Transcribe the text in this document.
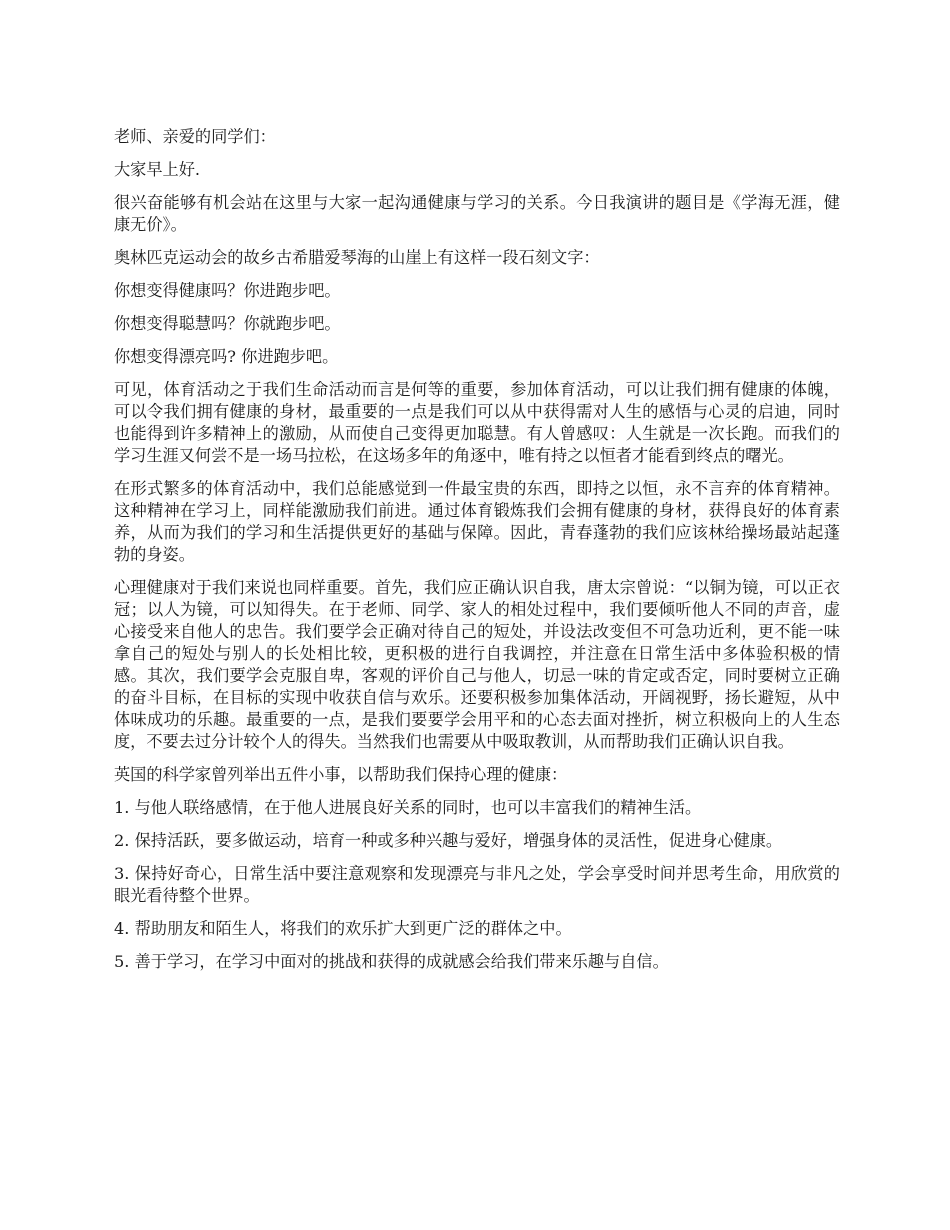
老师、亲爱的同学们：

大家早上好.

很兴奋能够有机会站在这里与大家一起沟通健康与学习的关系。今日我演讲的题目是《学海无涯，健康无价》。

奥林匹克运动会的故乡古希腊爱琴海的山崖上有这样一段石刻文字：

你想变得健康吗？你进跑步吧。

你想变得聪慧吗？你就跑步吧。

你想变得漂亮吗? 你进跑步吧。

可见，体育活动之于我们生命活动而言是何等的重要，参加体育活动，可以让我们拥有健康的体魄，可以令我们拥有健康的身材，最重要的一点是我们可以从中获得需对人生的感悟与心灵的启迪，同时也能得到许多精神上的激励，从而使自己变得更加聪慧。有人曾感叹：人生就是一次长跑。而我们的学习生涯又何尝不是一场马拉松，在这场多年的角逐中，唯有持之以恒者才能看到终点的曙光。

在形式繁多的体育活动中，我们总能感觉到一件最宝贵的东西，即持之以恒，永不言弃的体育精神。这种精神在学习上，同样能激励我们前进。通过体育锻炼我们会拥有健康的身材，获得良好的体育素养，从而为我们的学习和生活提供更好的基础与保障。因此，青春蓬勃的我们应该林给操场最站起蓬勃的身姿。

心理健康对于我们来说也同样重要。首先，我们应正确认识自我，唐太宗曾说：“以铜为镜，可以正衣冠；以人为镜，可以知得失。在于老师、同学、家人的相处过程中，我们要倾听他人不同的声音，虚心接受来自他人的忠告。我们要学会正确对待自己的短处，并设法改变但不可急功近利，更不能一味拿自己的短处与别人的长处相比较，更积极的进行自我调控，并注意在日常生活中多体验积极的情感。其次，我们要学会克服自卑，客观的评价自己与他人，切忌一味的肯定或否定，同时要树立正确的奋斗目标，在目标的实现中收获自信与欢乐。还要积极参加集体活动，开阔视野，扬长避短，从中体味成功的乐趣。最重要的一点，是我们要要学会用平和的心态去面对挫折，树立积极向上的人生态度，不要去过分计较个人的得失。当然我们也需要从中吸取教训，从而帮助我们正确认识自我。

英国的科学家曾列举出五件小事，以帮助我们保持心理的健康：

1. 与他人联络感情，在于他人进展良好关系的同时，也可以丰富我们的精神生活。

2. 保持活跃，要多做运动，培育一种或多种兴趣与爱好，增强身体的灵活性，促进身心健康。

3. 保持好奇心，日常生活中要注意观察和发现漂亮与非凡之处，学会享受时间并思考生命，用欣赏的眼光看待整个世界。

4. 帮助朋友和陌生人，将我们的欢乐扩大到更广泛的群体之中。

5. 善于学习，在学习中面对的挑战和获得的成就感会给我们带来乐趣与自信。
